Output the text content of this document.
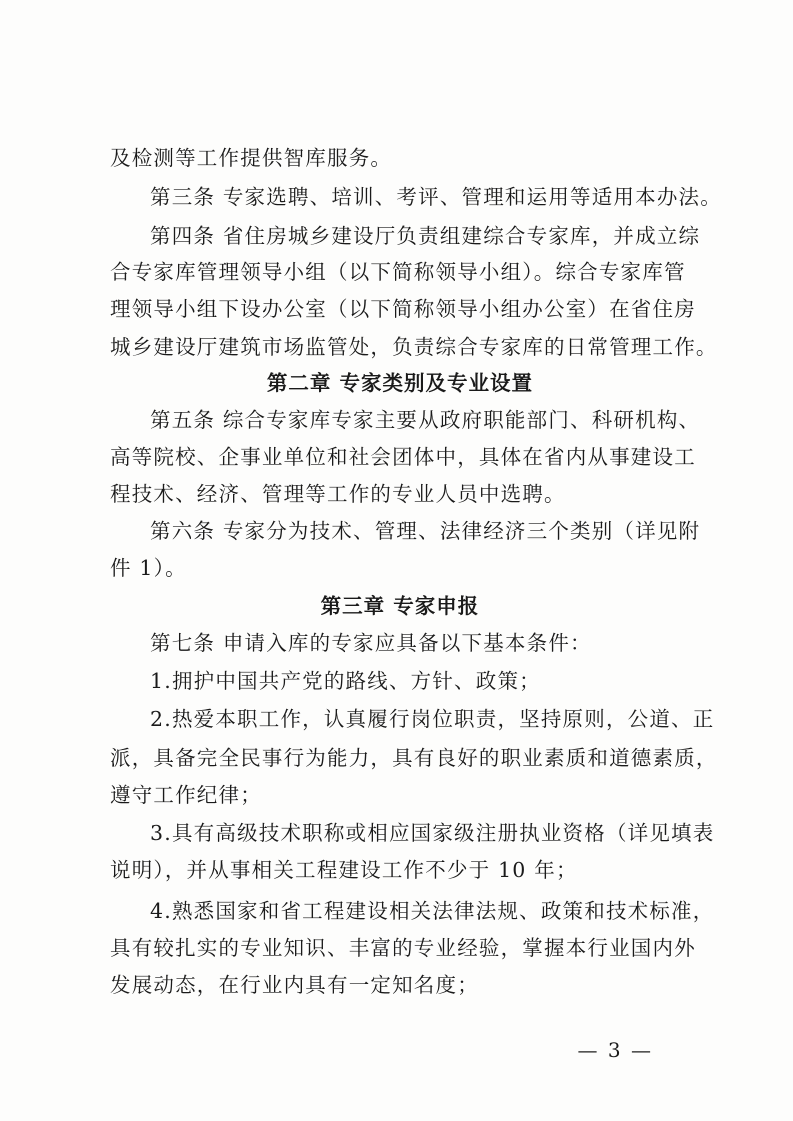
及检测等工作提供智库服务。
第三条 专家选聘、培训、考评、管理和运用等适用本办法。
第四条 省住房城乡建设厅负责组建综合专家库，并成立综
合专家库管理领导小组（以下简称领导小组）。综合专家库管
理领导小组下设办公室（以下简称领导小组办公室）在省住房
城乡建设厅建筑市场监管处，负责综合专家库的日常管理工作。
第二章 专家类别及专业设置
第五条 综合专家库专家主要从政府职能部门、科研机构、
高等院校、企事业单位和社会团体中，具体在省内从事建设工
程技术、经济、管理等工作的专业人员中选聘。
第六条 专家分为技术、管理、法律经济三个类别（详见附
件 1）。
第三章 专家申报
第七条 申请入库的专家应具备以下基本条件：
1.拥护中国共产党的路线、方针、政策；
2.热爱本职工作，认真履行岗位职责，坚持原则，公道、正
派，具备完全民事行为能力，具有良好的职业素质和道德素质，
遵守工作纪律；
3.具有高级技术职称或相应国家级注册执业资格（详见填表
说明），并从事相关工程建设工作不少于 10 年；
4.熟悉国家和省工程建设相关法律法规、政策和技术标准，
具有较扎实的专业知识、丰富的专业经验，掌握本行业国内外
发展动态，在行业内具有一定知名度；
— 3 —
